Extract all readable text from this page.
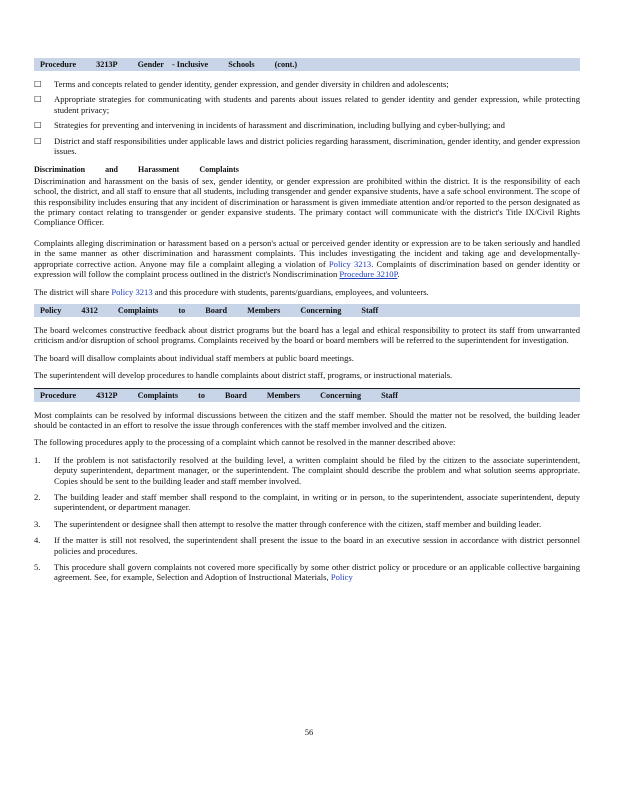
Procedure 3213P Gender - Inclusive Schools (cont.)
□ Terms and concepts related to gender identity, gender expression, and gender diversity in children and adolescents;
□ Appropriate strategies for communicating with students and parents about issues related to gender identity and gender expression, while protecting student privacy;
□ Strategies for preventing and intervening in incidents of harassment and discrimination, including bullying and cyber-bullying; and
□ District and staff responsibilities under applicable laws and district policies regarding harassment, discrimination, gender identity, and gender expression issues.
Discrimination and Harassment Complaints

Discrimination and harassment on the basis of sex, gender identity, or gender expression are prohibited within the district. It is the responsibility of each school, the district, and all staff to ensure that all students, including transgender and gender expansive students, have a safe school environment. The scope of this responsibility includes ensuring that any incident of discrimination or harassment is given immediate attention and/or reported to the person designated as the primary contact relating to transgender or gender expansive students. The primary contact will communicate with the district's Title IX/Civil Rights Compliance Officer.

Complaints alleging discrimination or harassment based on a person's actual or perceived gender identity or expression are to be taken seriously and handled in the same manner as other discrimination and harassment complaints. This includes investigating the incident and taking age and developmentally-appropriate corrective action. Anyone may file a complaint alleging a violation of Policy 3213. Complaints of discrimination based on gender identity or expression will follow the complaint process outlined in the district's Nondiscrimination Procedure 3210P.

The district will share Policy 3213 and this procedure with students, parents/guardians, employees, and volunteers.

Policy 4312 Complaints to Board Members Concerning Staff

The board welcomes constructive feedback about district programs but the board has a legal and ethical responsibility to protect its staff from unwarranted criticism and/or disruption of school programs. Complaints received by the board or board members will be referred to the superintendent for investigation.

The board will disallow complaints about individual staff members at public board meetings.

The superintendent will develop procedures to handle complaints about district staff, programs, or instructional materials.

Procedure 4312P Complaints to Board Members Concerning Staff

Most complaints can be resolved by informal discussions between the citizen and the staff member. Should the matter not be resolved, the building leader should be contacted in an effort to resolve the issue through conferences with the staff member involved and the citizen.

The following procedures apply to the processing of a complaint which cannot be resolved in the manner described above:

1. If the problem is not satisfactorily resolved at the building level, a written complaint should be filed by the citizen to the associate superintendent, deputy superintendent, department manager, or the superintendent. The complaint should describe the problem and what solution seems appropriate. Copies should be sent to the building leader and staff member involved.
2. The building leader and staff member shall respond to the complaint, in writing or in person, to the superintendent, associate superintendent, deputy superintendent, or department manager.
3. The superintendent or designee shall then attempt to resolve the matter through conference with the citizen, staff member and building leader.
4. If the matter is still not resolved, the superintendent shall present the issue to the board in an executive session in accordance with district personnel policies and procedures.
5. This procedure shall govern complaints not covered more specifically by some other district policy or procedure or an applicable collective bargaining agreement. See, for example, Selection and Adoption of Instructional Materials, Policy
56
